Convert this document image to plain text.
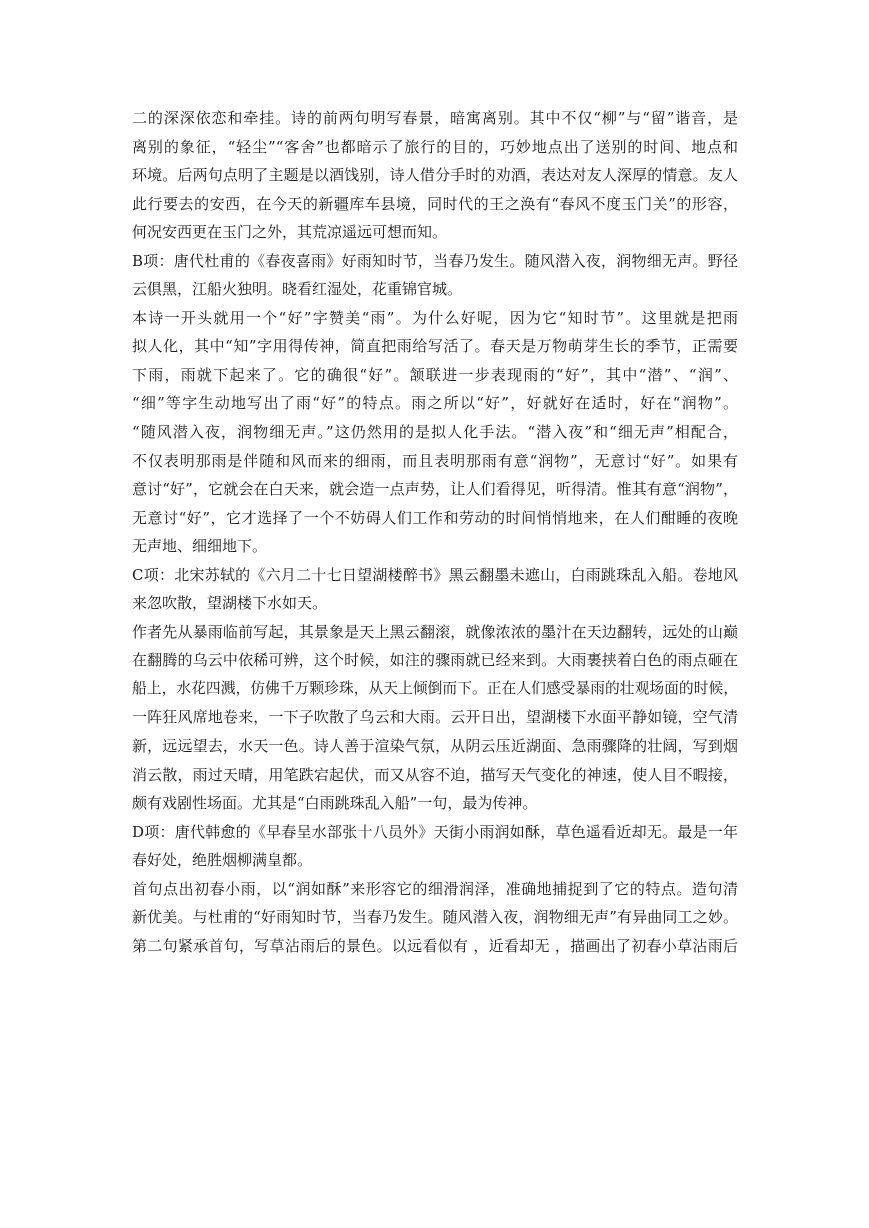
二的深深依恋和牵挂。诗的前两句明写春景，暗寓离别。其中不仅“柳”与“留”谐音，是
离别的象征，“轻尘”“客舍”也都暗示了旅行的目的，巧妙地点出了送别的时间、地点和
环境。后两句点明了主题是以酒饯别，诗人借分手时的劝酒，表达对友人深厚的情意。友人
此行要去的安西，在今天的新疆库车县境，同时代的王之涣有“春风不度玉门关”的形容，
何况安西更在玉门之外，其荒凉遥远可想而知。
B项：唐代杜甫的《春夜喜雨》好雨知时节，当春乃发生。随风潜入夜，润物细无声。野径
云俱黑，江船火独明。晓看红湿处，花重锦官城。
本诗一开头就用一个“好”字赞美“雨”。为什么好呢，因为它“知时节”。这里就是把雨
拟人化，其中“知”字用得传神，简直把雨给写活了。春天是万物萌芽生长的季节，正需要
下雨，雨就下起来了。它的确很“好”。颔联进一步表现雨的“好”，其中“潜”、“润”、
“细”等字生动地写出了雨“好”的特点。雨之所以“好”，好就好在适时，好在“润物”。
“随风潜入夜，润物细无声。”这仍然用的是拟人化手法。“潜入夜”和“细无声”相配合，
不仅表明那雨是伴随和风而来的细雨，而且表明那雨有意“润物”，无意讨“好”。如果有
意讨“好”，它就会在白天来，就会造一点声势，让人们看得见，听得清。惟其有意“润物”，
无意讨“好”，它才选择了一个不妨碍人们工作和劳动的时间悄悄地来，在人们酣睡的夜晚
无声地、细细地下。
C项：北宋苏轼的《六月二十七日望湖楼醉书》黑云翻墨未遮山，白雨跳珠乱入船。卷地风
来忽吹散，望湖楼下水如天。
作者先从暴雨临前写起，其景象是天上黑云翻滚，就像浓浓的墨汁在天边翻转，远处的山巅
在翻腾的乌云中依稀可辨，这个时候，如注的骤雨就已经来到。大雨裹挟着白色的雨点砸在
船上，水花四溅，仿佛千万颗珍珠，从天上倾倒而下。正在人们感受暴雨的壮观场面的时候，
一阵狂风席地卷来，一下子吹散了乌云和大雨。云开日出，望湖楼下水面平静如镜，空气清
新，远远望去，水天一色。诗人善于渲染气氛，从阴云压近湖面、急雨骤降的壮阔，写到烟
消云散，雨过天晴，用笔跌宕起伏，而又从容不迫，描写天气变化的神速，使人目不暇接，
颇有戏剧性场面。尤其是“白雨跳珠乱入船”一句，最为传神。
D项：唐代韩愈的《早春呈水部张十八员外》天街小雨润如酥，草色遥看近却无。最是一年
春好处，绝胜烟柳满皇都。
首句点出初春小雨，以“润如酥”来形容它的细滑润泽，准确地捕捉到了它的特点。造句清
新优美。与杜甫的“好雨知时节，当春乃发生。随风潜入夜，润物细无声”有异曲同工之妙。
第二句紧承首句，写草沾雨后的景色。以远看似有 ，近看却无 ，描画出了初春小草沾雨后
